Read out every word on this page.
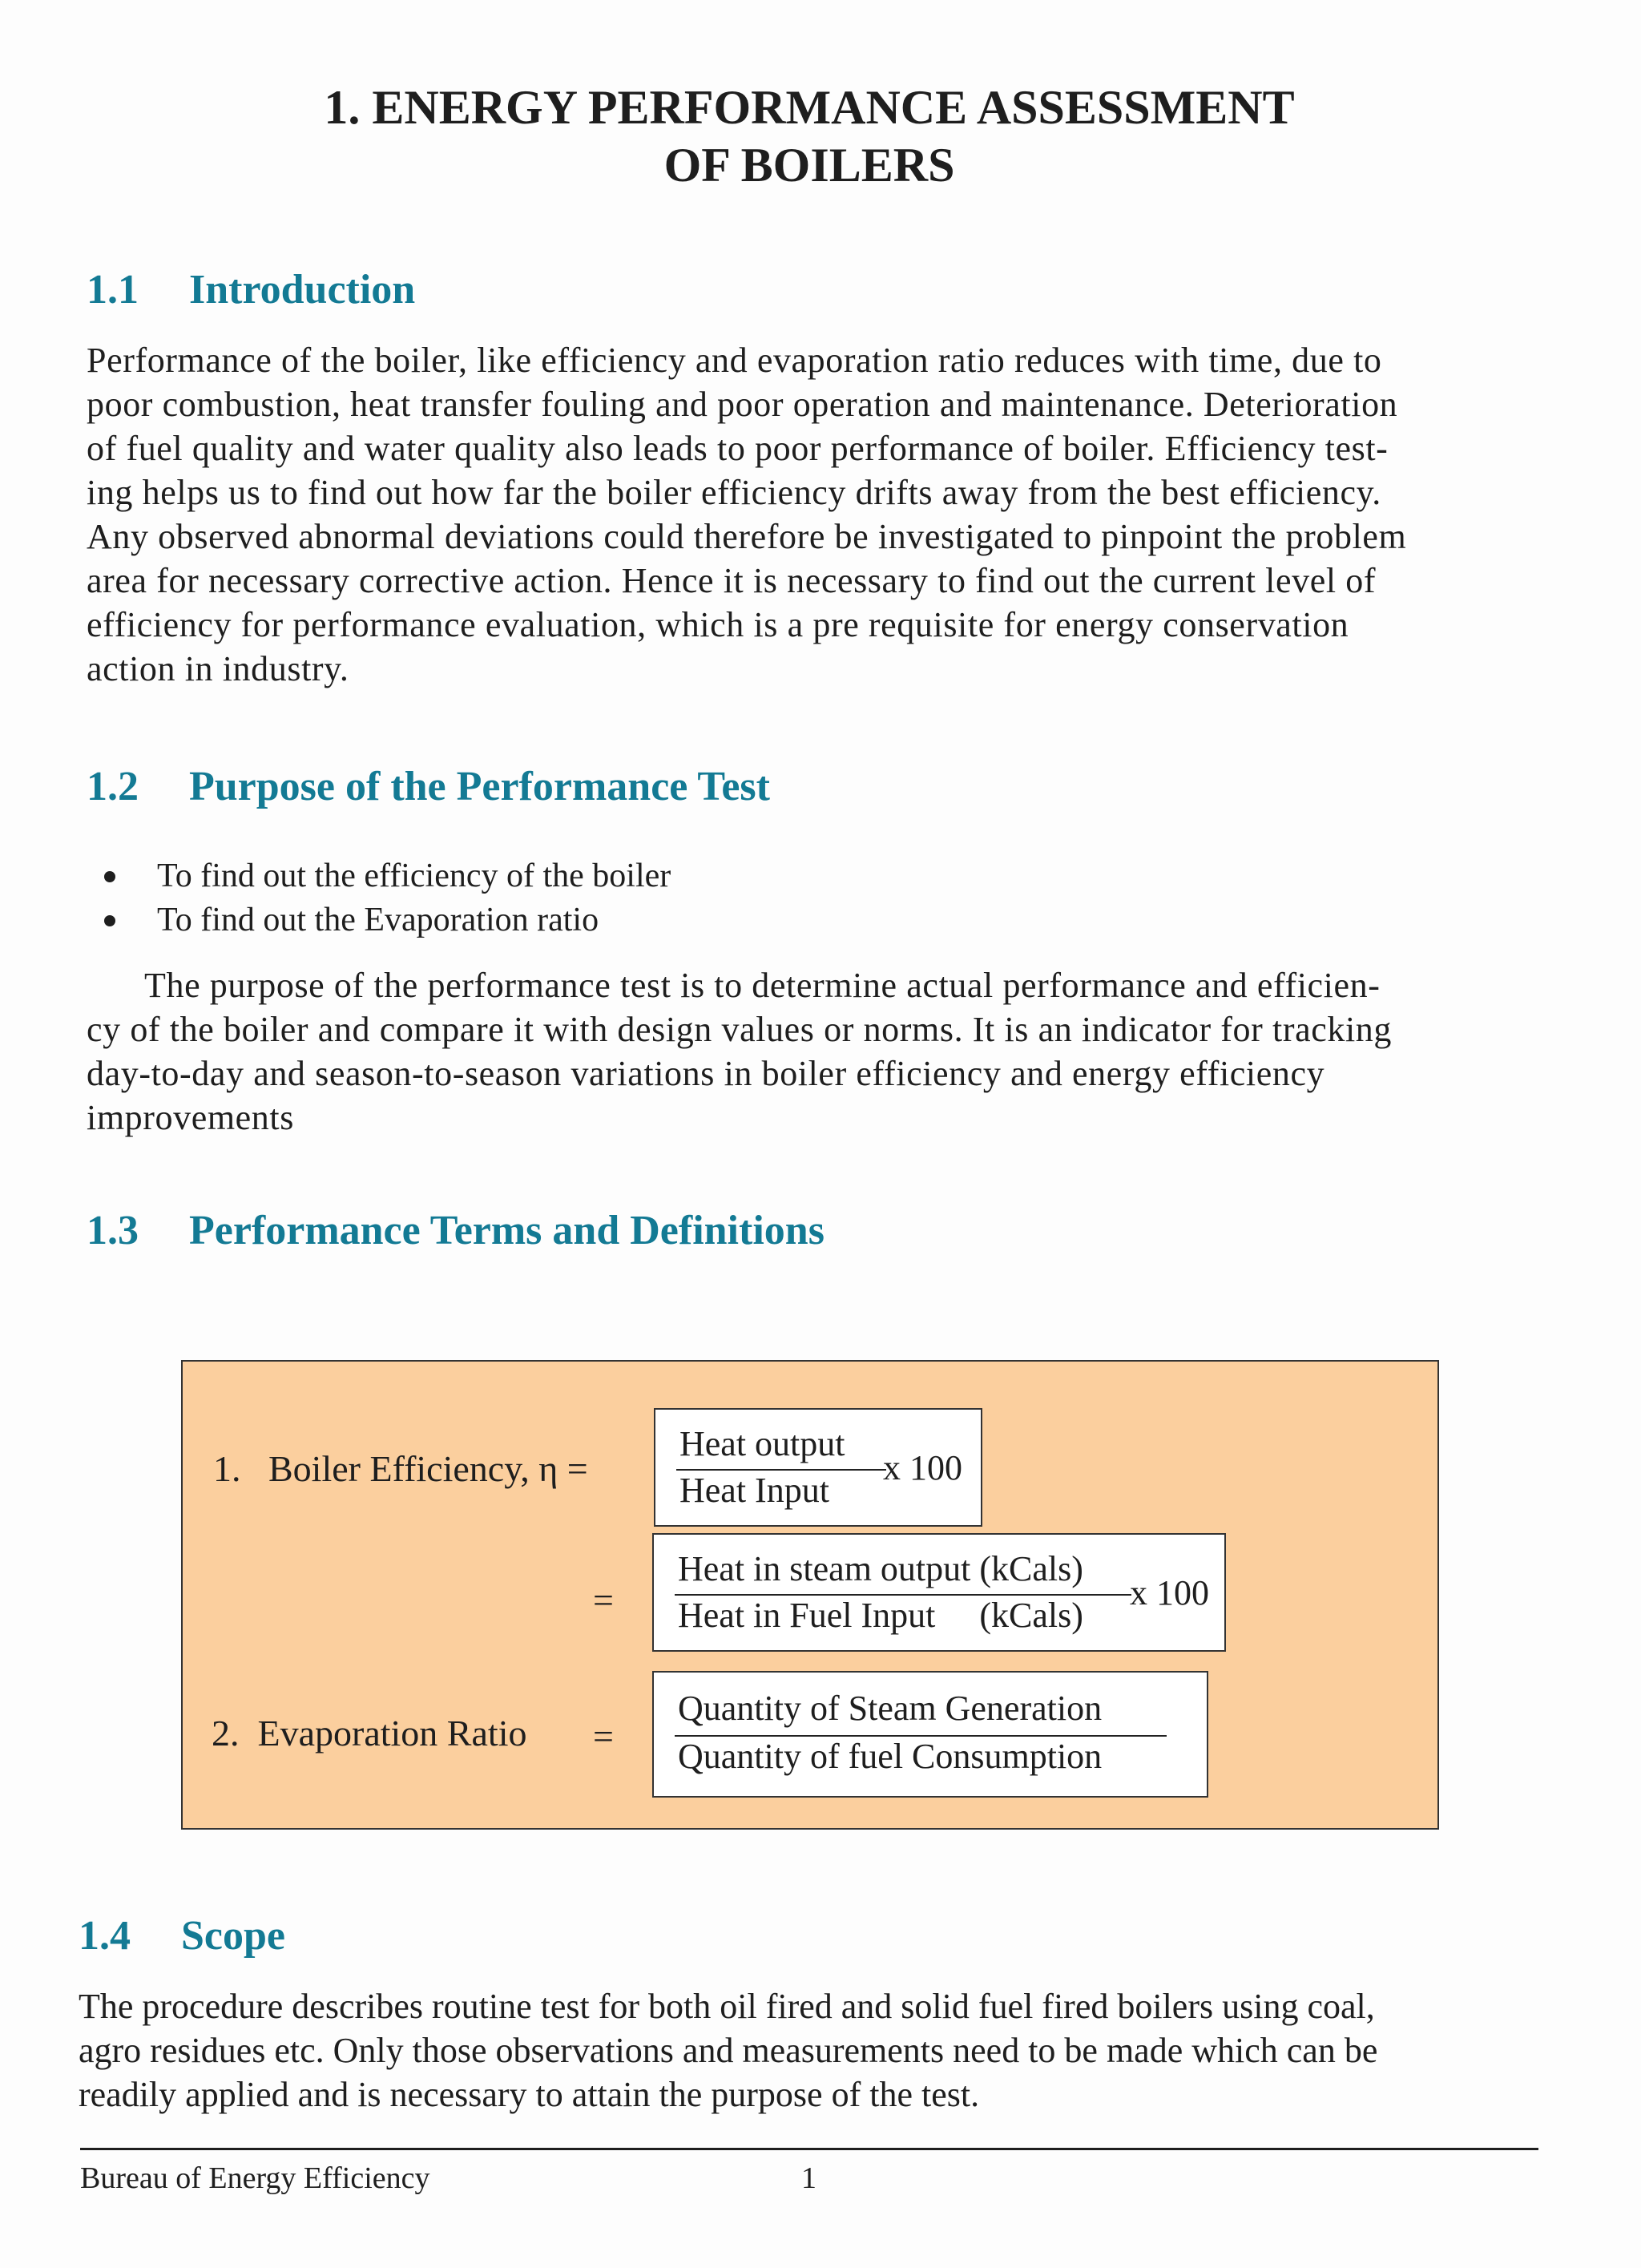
1. ENERGY PERFORMANCE ASSESSMENT
OF BOILERS
1.1 Introduction
Performance of the boiler, like efficiency and evaporation ratio reduces with time, due to
poor combustion, heat transfer fouling and poor operation and maintenance. Deterioration
of fuel quality and water quality also leads to poor performance of boiler. Efficiency test-
ing helps us to find out how far the boiler efficiency drifts away from the best efficiency.
Any observed abnormal deviations could therefore be investigated to pinpoint the problem
area for necessary corrective action. Hence it is necessary to find out the current level of
efficiency for performance evaluation, which is a pre requisite for energy conservation
action in industry.
1.2 Purpose of the Performance Test
To find out the efficiency of the boiler
To find out the Evaporation ratio
The purpose of the performance test is to determine actual performance and efficien-
cy of the boiler and compare it with design values or norms. It is an indicator for tracking
day-to-day and season-to-season variations in boiler efficiency and energy efficiency
improvements
1.3 Performance Terms and Definitions
1.   Boiler Efficiency, η =
Heat output
Heat Input
x 100
=
Heat in steam output (kCals)
Heat in Fuel Input     (kCals)
x 100
2.  Evaporation Ratio =
Quantity of Steam Generation
Quantity of fuel Consumption
1.4 Scope
The procedure describes routine test for both oil fired and solid fuel fired boilers using coal,
agro residues etc. Only those observations and measurements need to be made which can be
readily applied and is necessary to attain the purpose of the test.
Bureau of Energy Efficiency	1
